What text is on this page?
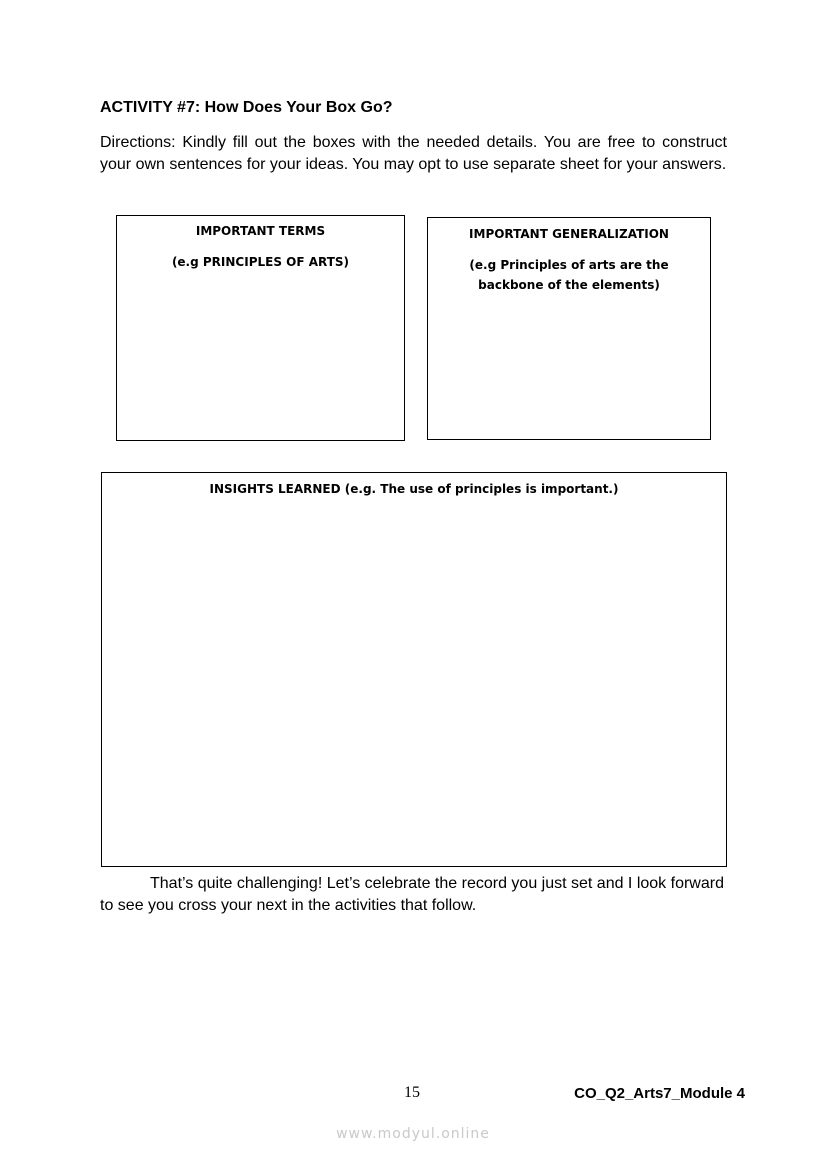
ACTIVITY #7: How Does Your Box Go?
Directions: Kindly fill out the boxes with the needed details. You are free to construct your own sentences for your ideas. You may opt to use separate sheet for your answers.
IMPORTANT TERMS
(e.g PRINCIPLES OF ARTS)
IMPORTANT GENERALIZATION
(e.g Principles of arts are the backbone of the elements)
INSIGHTS LEARNED (e.g. The use of principles is important.)
That’s quite challenging! Let’s celebrate the record you just set and I look forward to see you cross your next in the activities that follow.
15	CO_Q2_Arts7_Module 4
www.modyul.online
